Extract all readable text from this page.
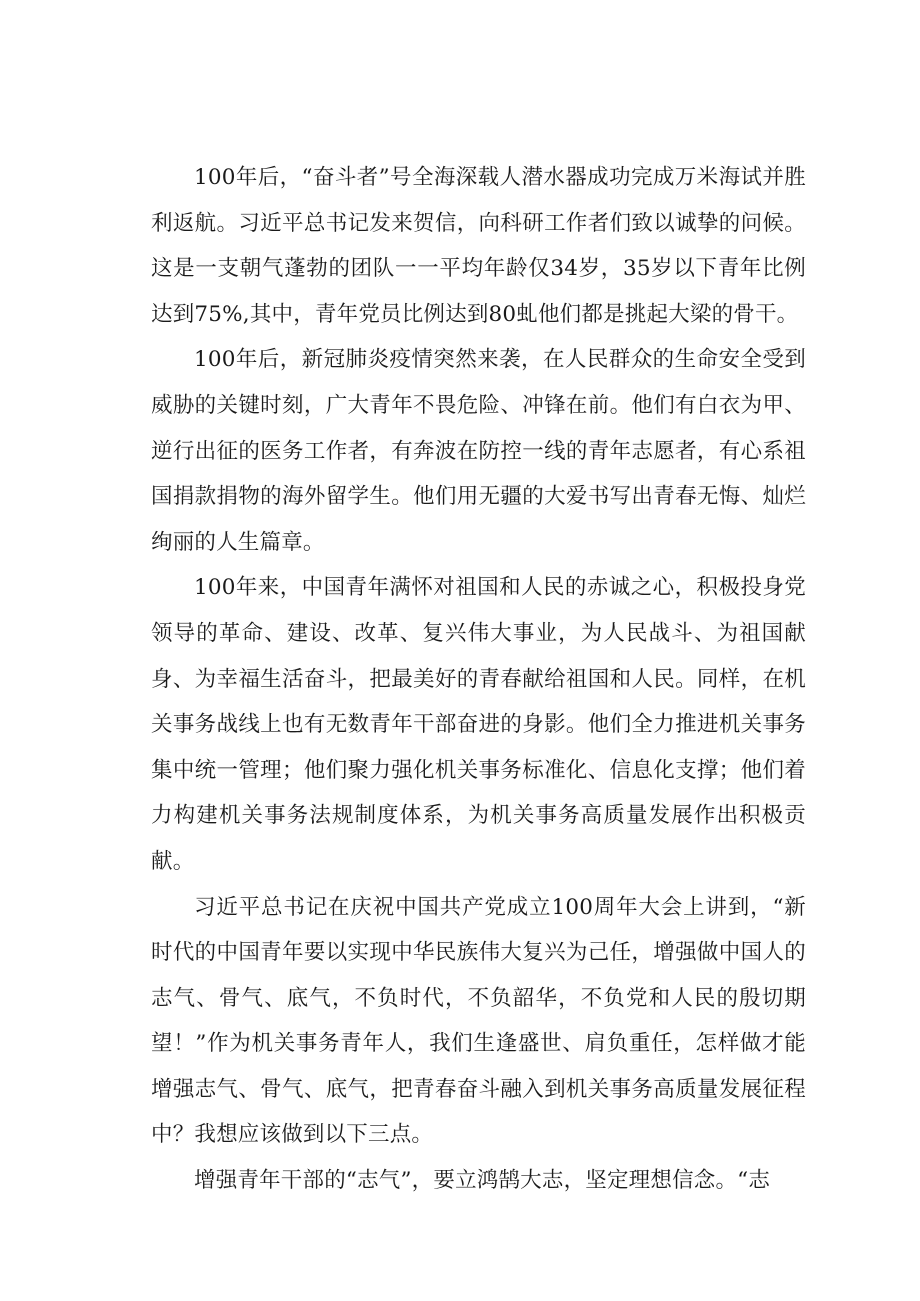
100年后，“奋斗者”号全海深载人潜水器成功完成万米海试并胜利返航。习近平总书记发来贺信，向科研工作者们致以诚挚的问候。这是一支朝气蓬勃的团队一一平均年龄仅34岁，35岁以下青年比例达到75%,其中，青年党员比例达到80虬他们都是挑起大梁的骨干。

100年后，新冠肺炎疫情突然来袭，在人民群众的生命安全受到威胁的关键时刻，广大青年不畏危险、冲锋在前。他们有白衣为甲、逆行出征的医务工作者，有奔波在防控一线的青年志愿者，有心系祖国捐款捐物的海外留学生。他们用无疆的大爱书写出青春无悔、灿烂绚丽的人生篇章。

100年来，中国青年满怀对祖国和人民的赤诚之心，积极投身党领导的革命、建设、改革、复兴伟大事业，为人民战斗、为祖国献身、为幸福生活奋斗，把最美好的青春献给祖国和人民。同样，在机关事务战线上也有无数青年干部奋进的身影。他们全力推进机关事务集中统一管理；他们聚力强化机关事务标准化、信息化支撑；他们着力构建机关事务法规制度体系，为机关事务高质量发展作出积极贡献。

习近平总书记在庆祝中国共产党成立100周年大会上讲到，“新时代的中国青年要以实现中华民族伟大复兴为己任，增强做中国人的志气、骨气、底气，不负时代，不负韶华，不负党和人民的殷切期望！”作为机关事务青年人，我们生逢盛世、肩负重任，怎样做才能增强志气、骨气、底气，把青春奋斗融入到机关事务高质量发展征程中？我想应该做到以下三点。

增强青年干部的“志气”，要立鸿鹄大志，坚定理想信念。“志
